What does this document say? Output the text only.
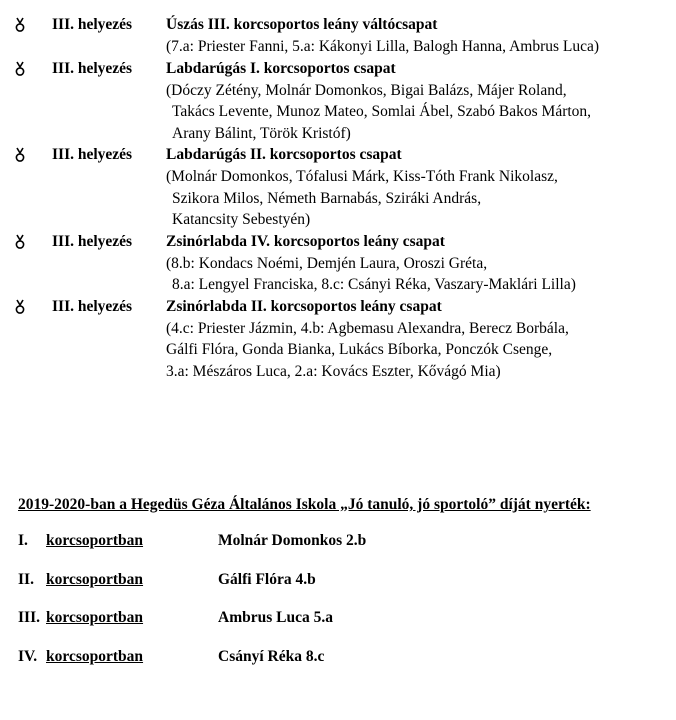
III. helyezés Úszás III. korcsoportos leány váltócsapat
(7.a: Priester Fanni, 5.a: Kákonyi Lilla, Balogh Hanna, Ambrus Luca)
III. helyezés Labdarúgás I. korcsoportos csapat
(Dóczy Zétény, Molnár Domonkos, Bigai Balázs, Májer Roland,
Takács Levente, Munoz Mateo, Somlai Ábel, Szabó Bakos Márton,
Arany Bálint, Török Kristóf)
III. helyezés Labdarúgás II. korcsoportos csapat
(Molnár Domonkos, Tófalusi Márk, Kiss-Tóth Frank Nikolasz,
Szikora Milos, Németh Barnabás, Sziráki András,
Katancsity Sebestyén)
III. helyezés Zsinórlabda IV. korcsoportos leány csapat
(8.b: Kondacs Noémi, Demjén Laura, Oroszi Gréta,
8.a: Lengyel Franciska, 8.c: Csányi Réka, Vaszary-Maklári Lilla)
III. helyezés Zsinórlabda II. korcsoportos leány csapat
(4.c: Priester Jázmin, 4.b: Agbemasu Alexandra, Berecz Borbála,
Gálfi Flóra, Gonda Bianka, Lukács Bíborka, Ponczók Csenge,
3.a: Mészáros Luca, 2.a: Kovács Eszter, Kővágó Mia)
2019-2020-ban a Hegedüs Géza Általános Iskola „Jó tanuló, jó sportoló” díját nyerték:
I. korcsoportban	Molnár Domonkos 2.b
II. korcsoportban	Gálfi Flóra 4.b
III. korcsoportban	Ambrus Luca 5.a
IV. korcsoportban	Csányí Réka 8.c
